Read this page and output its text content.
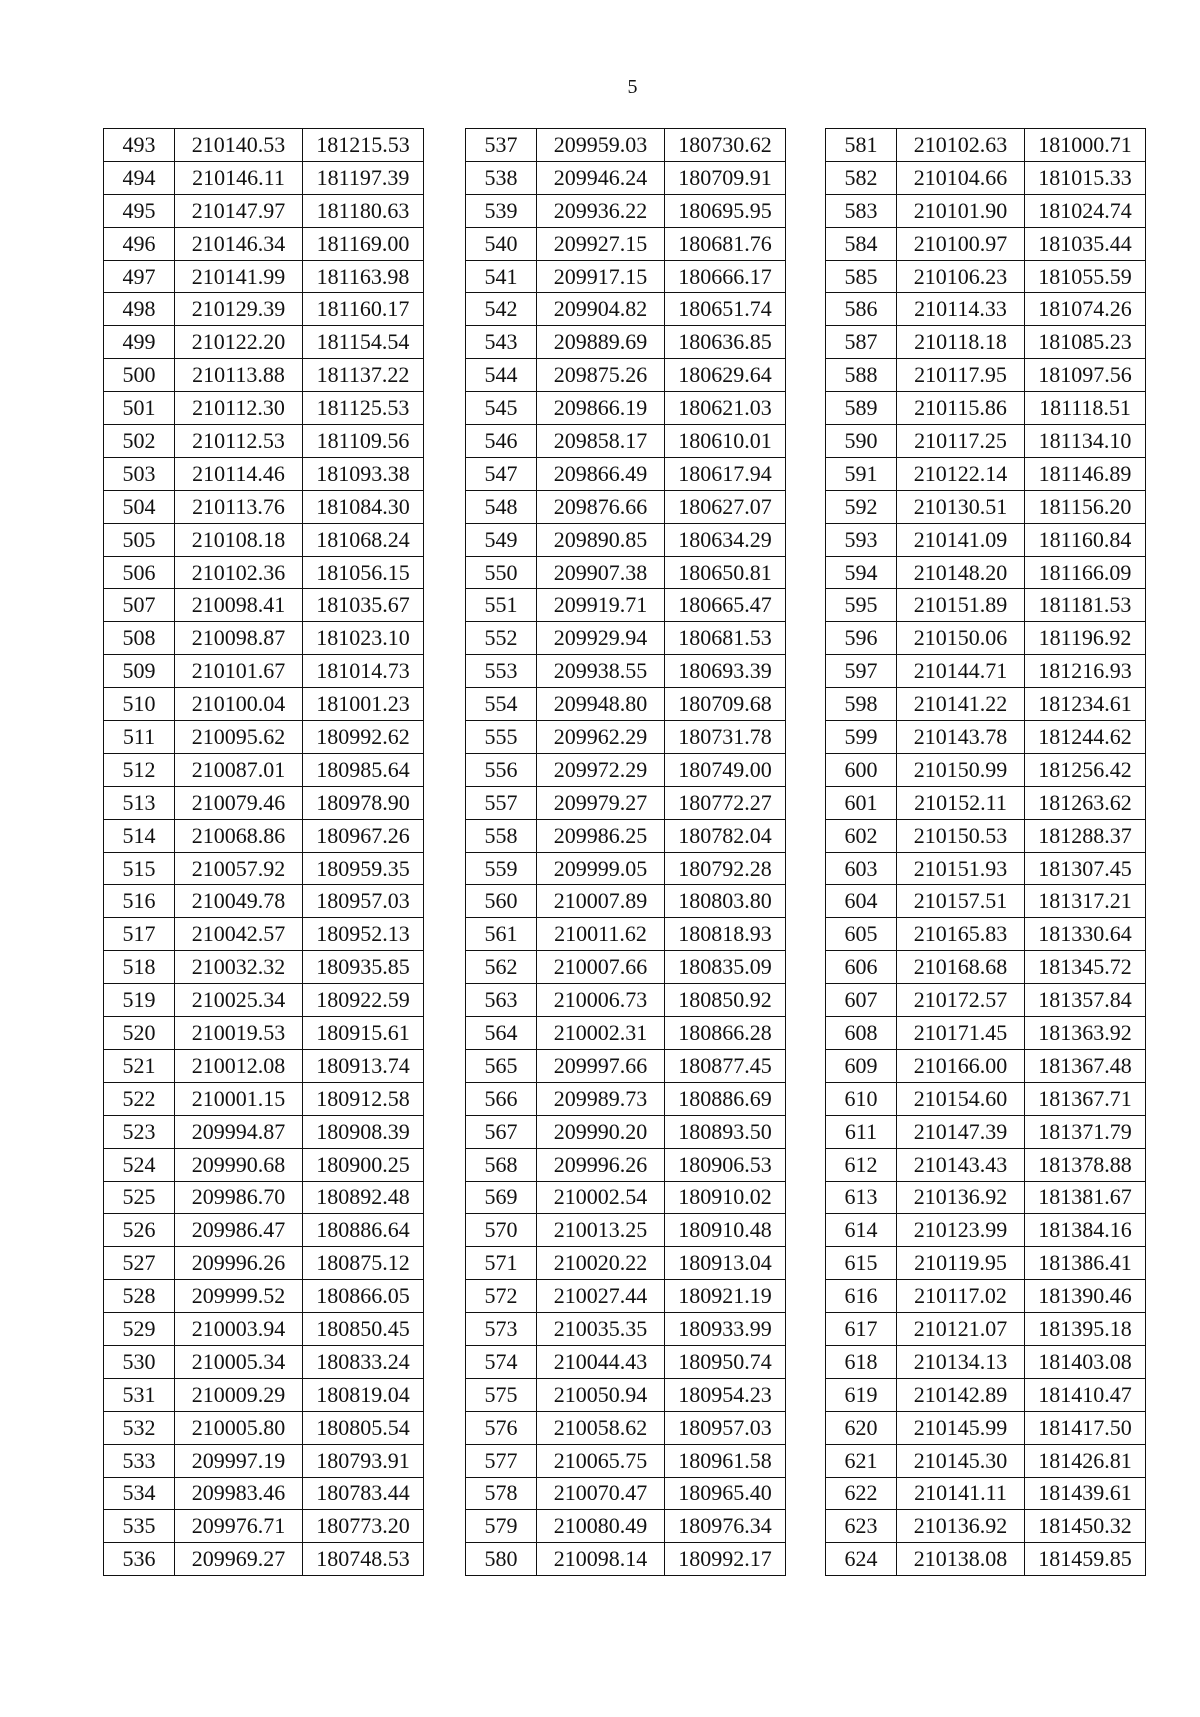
5
493	210140.53	181215.53
494	210146.11	181197.39
495	210147.97	181180.63
496	210146.34	181169.00
497	210141.99	181163.98
498	210129.39	181160.17
499	210122.20	181154.54
500	210113.88	181137.22
501	210112.30	181125.53
502	210112.53	181109.56
503	210114.46	181093.38
504	210113.76	181084.30
505	210108.18	181068.24
506	210102.36	181056.15
507	210098.41	181035.67
508	210098.87	181023.10
509	210101.67	181014.73
510	210100.04	181001.23
511	210095.62	180992.62
512	210087.01	180985.64
513	210079.46	180978.90
514	210068.86	180967.26
515	210057.92	180959.35
516	210049.78	180957.03
517	210042.57	180952.13
518	210032.32	180935.85
519	210025.34	180922.59
520	210019.53	180915.61
521	210012.08	180913.74
522	210001.15	180912.58
523	209994.87	180908.39
524	209990.68	180900.25
525	209986.70	180892.48
526	209986.47	180886.64
527	209996.26	180875.12
528	209999.52	180866.05
529	210003.94	180850.45
530	210005.34	180833.24
531	210009.29	180819.04
532	210005.80	180805.54
533	209997.19	180793.91
534	209983.46	180783.44
535	209976.71	180773.20
536	209969.27	180748.53
537	209959.03	180730.62
538	209946.24	180709.91
539	209936.22	180695.95
540	209927.15	180681.76
541	209917.15	180666.17
542	209904.82	180651.74
543	209889.69	180636.85
544	209875.26	180629.64
545	209866.19	180621.03
546	209858.17	180610.01
547	209866.49	180617.94
548	209876.66	180627.07
549	209890.85	180634.29
550	209907.38	180650.81
551	209919.71	180665.47
552	209929.94	180681.53
553	209938.55	180693.39
554	209948.80	180709.68
555	209962.29	180731.78
556	209972.29	180749.00
557	209979.27	180772.27
558	209986.25	180782.04
559	209999.05	180792.28
560	210007.89	180803.80
561	210011.62	180818.93
562	210007.66	180835.09
563	210006.73	180850.92
564	210002.31	180866.28
565	209997.66	180877.45
566	209989.73	180886.69
567	209990.20	180893.50
568	209996.26	180906.53
569	210002.54	180910.02
570	210013.25	180910.48
571	210020.22	180913.04
572	210027.44	180921.19
573	210035.35	180933.99
574	210044.43	180950.74
575	210050.94	180954.23
576	210058.62	180957.03
577	210065.75	180961.58
578	210070.47	180965.40
579	210080.49	180976.34
580	210098.14	180992.17
581	210102.63	181000.71
582	210104.66	181015.33
583	210101.90	181024.74
584	210100.97	181035.44
585	210106.23	181055.59
586	210114.33	181074.26
587	210118.18	181085.23
588	210117.95	181097.56
589	210115.86	181118.51
590	210117.25	181134.10
591	210122.14	181146.89
592	210130.51	181156.20
593	210141.09	181160.84
594	210148.20	181166.09
595	210151.89	181181.53
596	210150.06	181196.92
597	210144.71	181216.93
598	210141.22	181234.61
599	210143.78	181244.62
600	210150.99	181256.42
601	210152.11	181263.62
602	210150.53	181288.37
603	210151.93	181307.45
604	210157.51	181317.21
605	210165.83	181330.64
606	210168.68	181345.72
607	210172.57	181357.84
608	210171.45	181363.92
609	210166.00	181367.48
610	210154.60	181367.71
611	210147.39	181371.79
612	210143.43	181378.88
613	210136.92	181381.67
614	210123.99	181384.16
615	210119.95	181386.41
616	210117.02	181390.46
617	210121.07	181395.18
618	210134.13	181403.08
619	210142.89	181410.47
620	210145.99	181417.50
621	210145.30	181426.81
622	210141.11	181439.61
623	210136.92	181450.32
624	210138.08	181459.85
